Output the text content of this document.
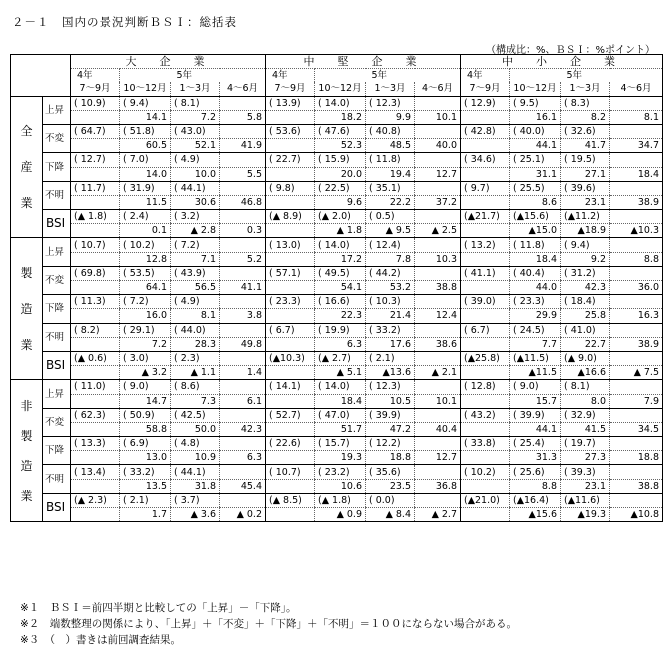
２－１　国内の景況判断ＢＳＩ：総括表
（構成比：%、ＢＳＩ：%ポイント）
		大　企　業				中　堅　企　業				中　小　企　業			
		4年		5年		4年		5年		4年		5年	
		7～9月	10～12月	1～3月	4～6月	7～9月	10～12月	1～3月	4～6月	7～9月	10～12月	1～3月	4～6月

全
産
業	上昇	( 10.9)	( 9.4)	( 8.1)		( 13.9)	( 14.0)	( 12.3)		( 12.9)	( 9.5)	( 8.3)	
			14.1	7.2	5.8		18.2	9.9	10.1		16.1	8.2	8.1
	不変	( 64.7)	( 51.8)	( 43.0)		( 53.6)	( 47.6)	( 40.8)		( 42.8)	( 40.0)	( 32.6)	
			60.5	52.1	41.9		52.3	48.5	40.0		44.1	41.7	34.7
	下降	( 12.7)	( 7.0)	( 4.9)		( 22.7)	( 15.9)	( 11.8)		( 34.6)	( 25.1)	( 19.5)	
			14.0	10.0	5.5		20.0	19.4	12.7		31.1	27.1	18.4
	不明	( 11.7)	( 31.9)	( 44.1)		( 9.8)	( 22.5)	( 35.1)		( 9.7)	( 25.5)	( 39.6)	
			11.5	30.6	46.8		9.6	22.2	37.2		8.6	23.1	38.9
	BSI	(▲ 1.8)	( 2.4)	( 3.2)		(▲ 8.9)	(▲ 2.0)	( 0.5)		(▲21.7)	(▲15.6)	(▲11.2)	
			0.1	▲ 2.8	0.3		▲ 1.8	▲ 9.5	▲ 2.5		▲15.0	▲18.9	▲10.3

製
造
業	上昇	( 10.7)	( 10.2)	( 7.2)		( 13.0)	( 14.0)	( 12.4)		( 13.2)	( 11.8)	( 9.4)	
			12.8	7.1	5.2		17.2	7.8	10.3		18.4	9.2	8.8
	不変	( 69.8)	( 53.5)	( 43.9)		( 57.1)	( 49.5)	( 44.2)		( 41.1)	( 40.4)	( 31.2)	
			64.1	56.5	41.1		54.1	53.2	38.8		44.0	42.3	36.0
	下降	( 11.3)	( 7.2)	( 4.9)		( 23.3)	( 16.6)	( 10.3)		( 39.0)	( 23.3)	( 18.4)	
			16.0	8.1	3.8		22.3	21.4	12.4		29.9	25.8	16.3
	不明	( 8.2)	( 29.1)	( 44.0)		( 6.7)	( 19.9)	( 33.2)		( 6.7)	( 24.5)	( 41.0)	
			7.2	28.3	49.8		6.3	17.6	38.6		7.7	22.7	38.9
	BSI	(▲ 0.6)	( 3.0)	( 2.3)		(▲10.3)	(▲ 2.7)	( 2.1)		(▲25.8)	(▲11.5)	(▲ 9.0)	
			▲ 3.2	▲ 1.1	1.4		▲ 5.1	▲13.6	▲ 2.1		▲11.5	▲16.6	▲ 7.5

非
製
造
業	上昇	( 11.0)	( 9.0)	( 8.6)		( 14.1)	( 14.0)	( 12.3)		( 12.8)	( 9.0)	( 8.1)	
			14.7	7.3	6.1		18.4	10.5	10.1		15.7	8.0	7.9
	不変	( 62.3)	( 50.9)	( 42.5)		( 52.7)	( 47.0)	( 39.9)		( 43.2)	( 39.9)	( 32.9)	
			58.8	50.0	42.3		51.7	47.2	40.4		44.1	41.5	34.5
	下降	( 13.3)	( 6.9)	( 4.8)		( 22.6)	( 15.7)	( 12.2)		( 33.8)	( 25.4)	( 19.7)	
			13.0	10.9	6.3		19.3	18.8	12.7		31.3	27.3	18.8
	不明	( 13.4)	( 33.2)	( 44.1)		( 10.7)	( 23.2)	( 35.6)		( 10.2)	( 25.6)	( 39.3)	
			13.5	31.8	45.4		10.6	23.5	36.8		8.8	23.1	38.8
	BSI	(▲ 2.3)	( 2.1)	( 3.7)		(▲ 8.5)	(▲ 1.8)	( 0.0)		(▲21.0)	(▲16.4)	(▲11.6)	
			1.7	▲ 3.6	▲ 0.2		▲ 0.9	▲ 8.4	▲ 2.7		▲15.6	▲19.3	▲10.8
※１　ＢＳＩ＝前四半期と比較しての「上昇」－「下降」。
※２　端数整理の関係により、「上昇」＋「不変」＋「下降」＋「不明」＝１００にならない場合がある。
※３　（　）書きは前回調査結果。
